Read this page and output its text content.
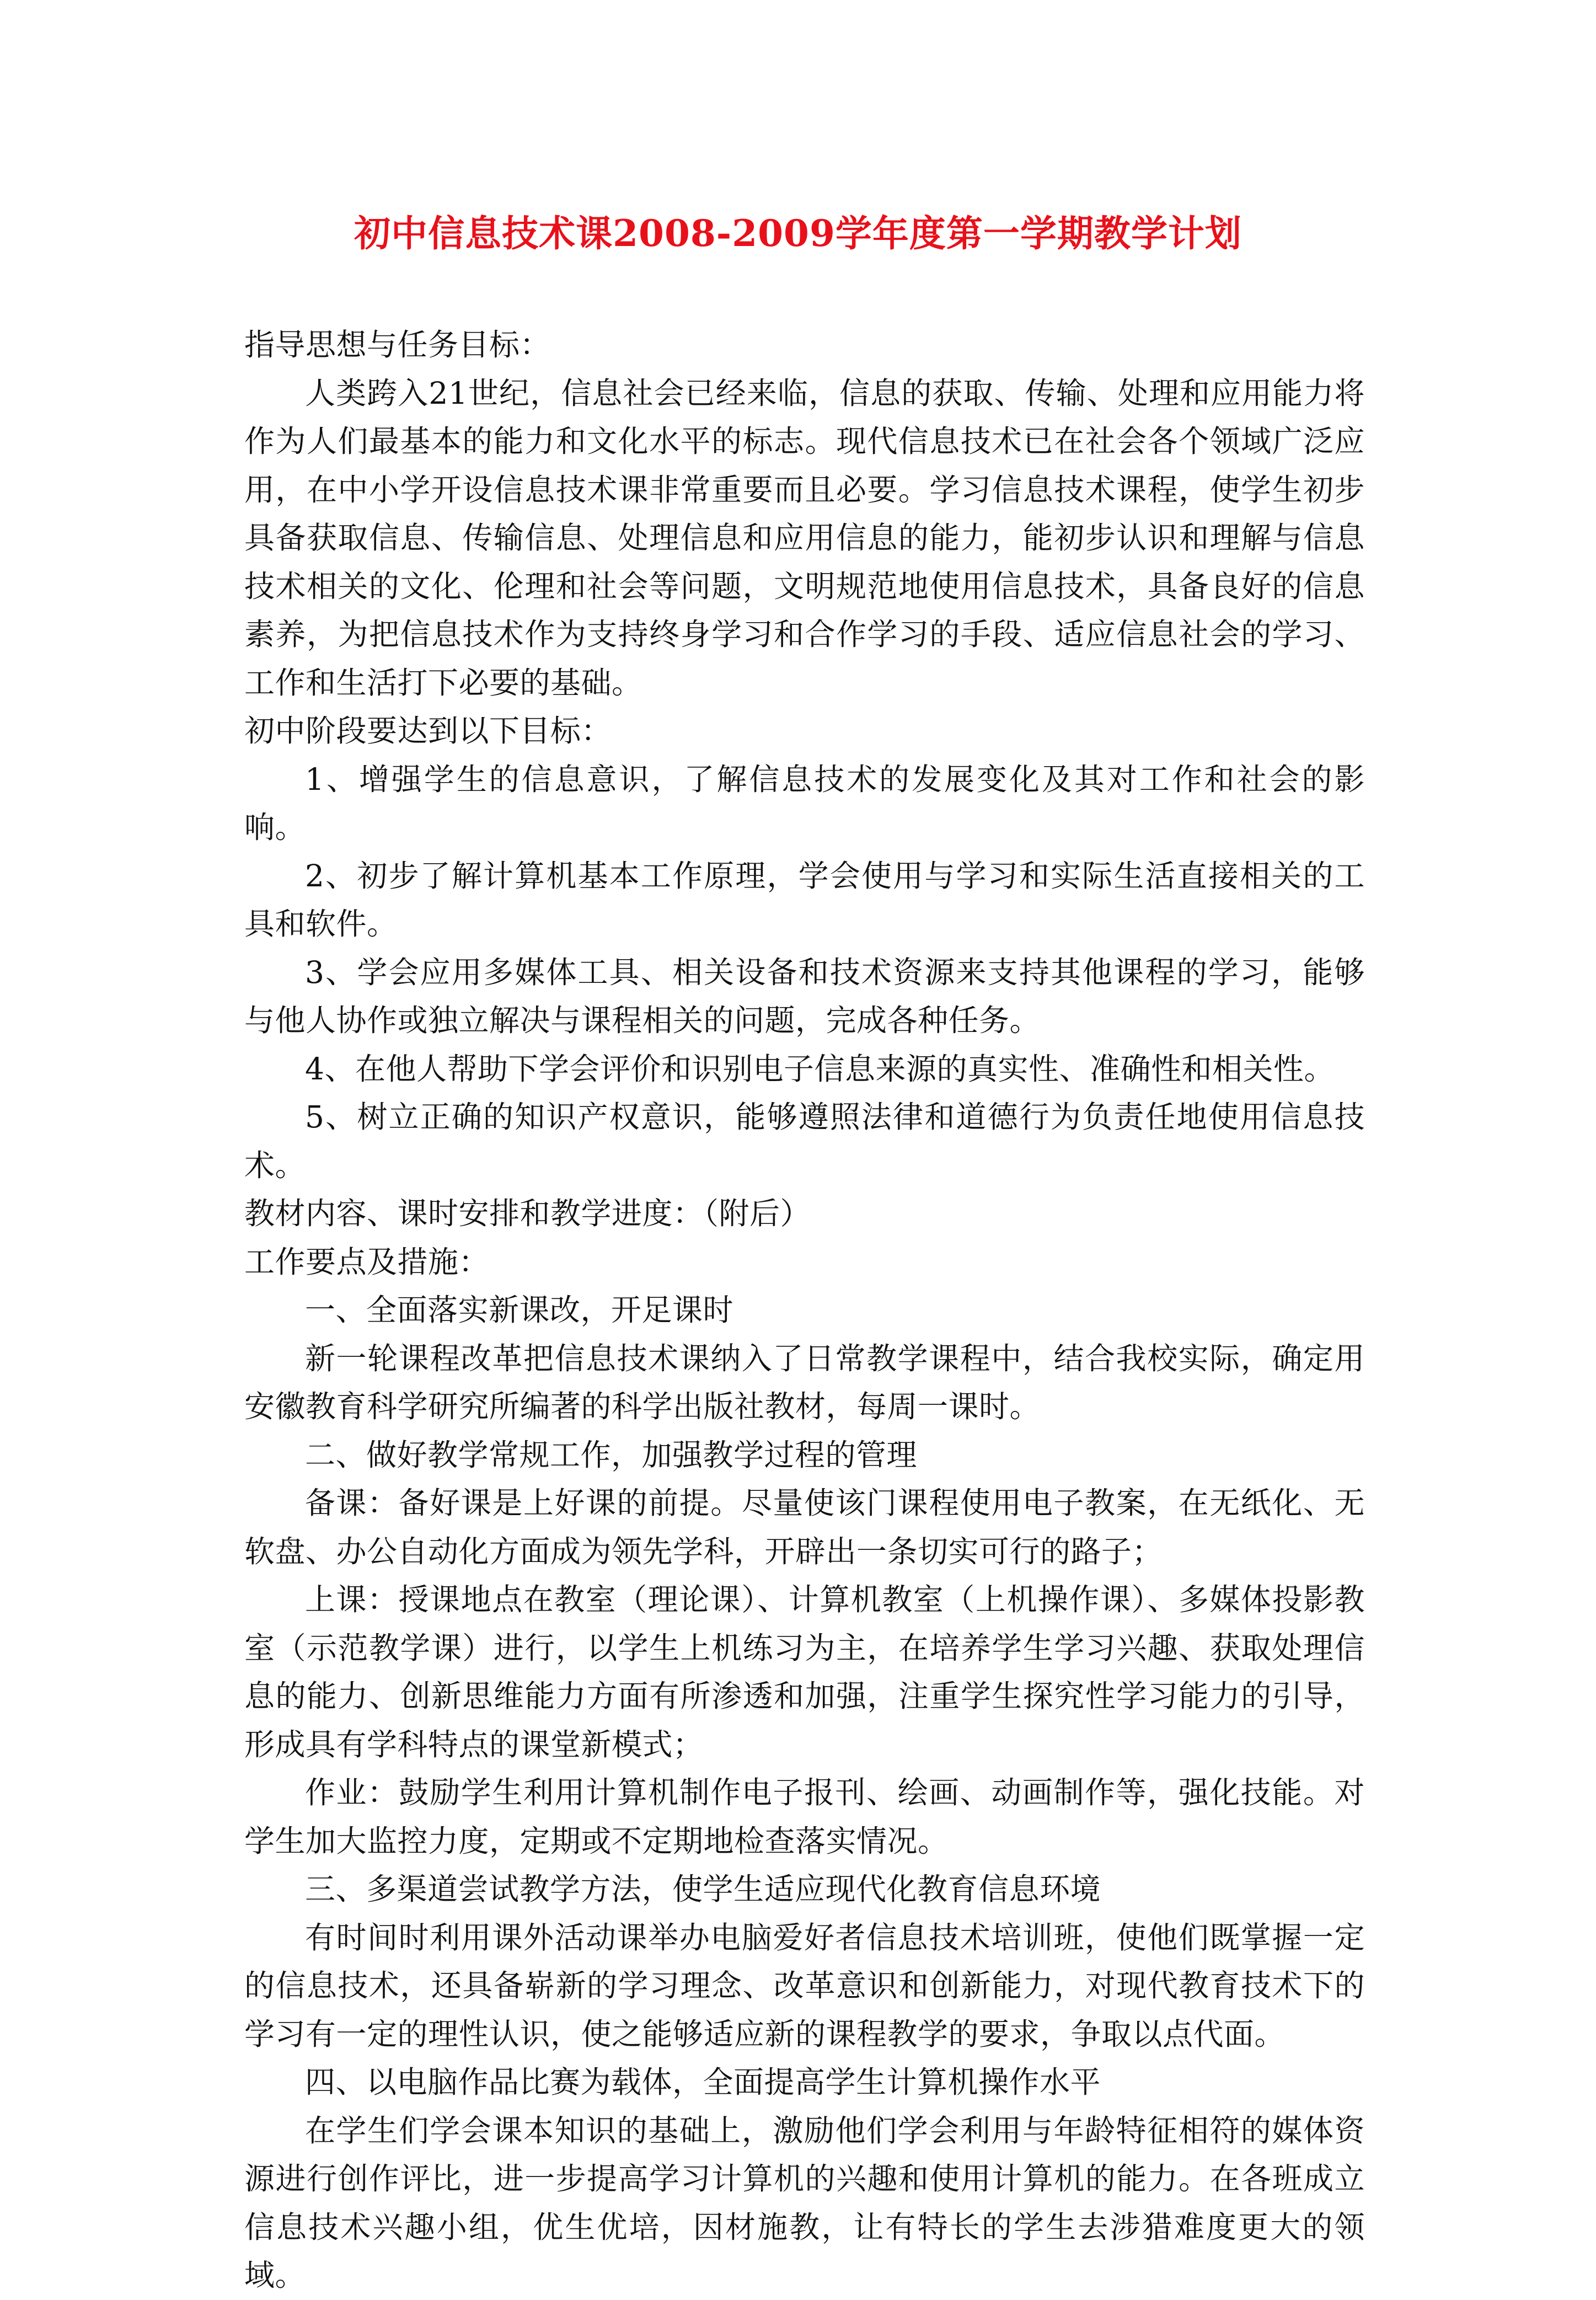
初中信息技术课2008-2009学年度第一学期教学计划

指导思想与任务目标：

人类跨入21世纪，信息社会已经来临，信息的获取、传输、处理和应用能力将作为人们最基本的能力和文化水平的标志。现代信息技术已在社会各个领域广泛应用，在中小学开设信息技术课非常重要而且必要。学习信息技术课程，使学生初步具备获取信息、传输信息、处理信息和应用信息的能力，能初步认识和理解与信息技术相关的文化、伦理和社会等问题，文明规范地使用信息技术，具备良好的信息素养，为把信息技术作为支持终身学习和合作学习的手段、适应信息社会的学习、工作和生活打下必要的基础。

初中阶段要达到以下目标：

1、增强学生的信息意识，了解信息技术的发展变化及其对工作和社会的影响。

2、初步了解计算机基本工作原理，学会使用与学习和实际生活直接相关的工具和软件。

3、学会应用多媒体工具、相关设备和技术资源来支持其他课程的学习，能够与他人协作或独立解决与课程相关的问题，完成各种任务。

4、在他人帮助下学会评价和识别电子信息来源的真实性、准确性和相关性。

5、树立正确的知识产权意识，能够遵照法律和道德行为负责任地使用信息技术。

教材内容、课时安排和教学进度：（附后）

工作要点及措施：

一、全面落实新课改，开足课时

新一轮课程改革把信息技术课纳入了日常教学课程中，结合我校实际，确定用安徽教育科学研究所编著的科学出版社教材，每周一课时。

二、做好教学常规工作，加强教学过程的管理

备课：备好课是上好课的前提。尽量使该门课程使用电子教案，在无纸化、无软盘、办公自动化方面成为领先学科，开辟出一条切实可行的路子；

上课：授课地点在教室（理论课）、计算机教室（上机操作课）、多媒体投影教室（示范教学课）进行，以学生上机练习为主，在培养学生学习兴趣、获取处理信息的能力、创新思维能力方面有所渗透和加强，注重学生探究性学习能力的引导，形成具有学科特点的课堂新模式；

作业：鼓励学生利用计算机制作电子报刊、绘画、动画制作等，强化技能。对学生加大监控力度，定期或不定期地检查落实情况。

三、多渠道尝试教学方法，使学生适应现代化教育信息环境

有时间时利用课外活动课举办电脑爱好者信息技术培训班，使他们既掌握一定的信息技术，还具备崭新的学习理念、改革意识和创新能力，对现代教育技术下的学习有一定的理性认识，使之能够适应新的课程教学的要求，争取以点代面。

四、以电脑作品比赛为载体，全面提高学生计算机操作水平

在学生们学会课本知识的基础上，激励他们学会利用与年龄特征相符的媒体资源进行创作评比，进一步提高学习计算机的兴趣和使用计算机的能力。在各班成立信息技术兴趣小组，优生优培，因材施教，让有特长的学生去涉猎难度更大的领域。
